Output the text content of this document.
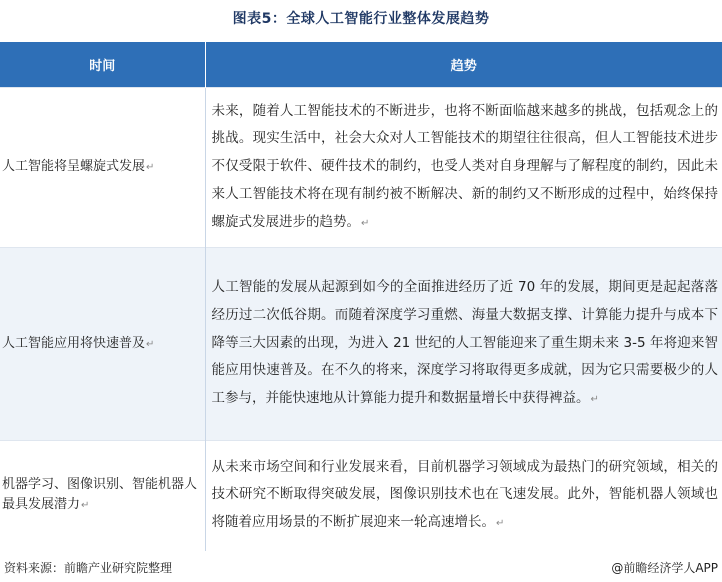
图表5：全球人工智能行业整体发展趋势
时间	趋势
人工智能将呈螺旋式发展↵	未来，随着人工智能技术的不断进步，也将不断面临越来越多的挑战，包括观念上的挑战。现实生活中，社会大众对人工智能技术的期望往往很高，但人工智能技术进步不仅受限于软件、硬件技术的制约，也受人类对自身理解与了解程度的制约，因此未来人工智能技术将在现有制约被不断解决、新的制约又不断形成的过程中，始终保持螺旋式发展进步的趋势。↵
人工智能应用将快速普及↵	人工智能的发展从起源到如今的全面推进经历了近 70 年的发展，期间更是起起落落经历过二次低谷期。而随着深度学习重燃、海量大数据支撑、计算能力提升与成本下降等三大因素的出现，为进入 21 世纪的人工智能迎来了重生期未来 3-5 年将迎来智能应用快速普及。在不久的将来，深度学习将取得更多成就，因为它只需要极少的人工参与，并能快速地从计算能力提升和数据量增长中获得裨益。↵
机器学习、图像识别、智能机器人最具发展潜力↵	从未来市场空间和行业发展来看，目前机器学习领域成为最热门的研究领域，相关的技术研究不断取得突破发展，图像识别技术也在飞速发展。此外，智能机器人领域也将随着应用场景的不断扩展迎来一轮高速增长。↵
资料来源：前瞻产业研究院整理	@前瞻经济学人APP
